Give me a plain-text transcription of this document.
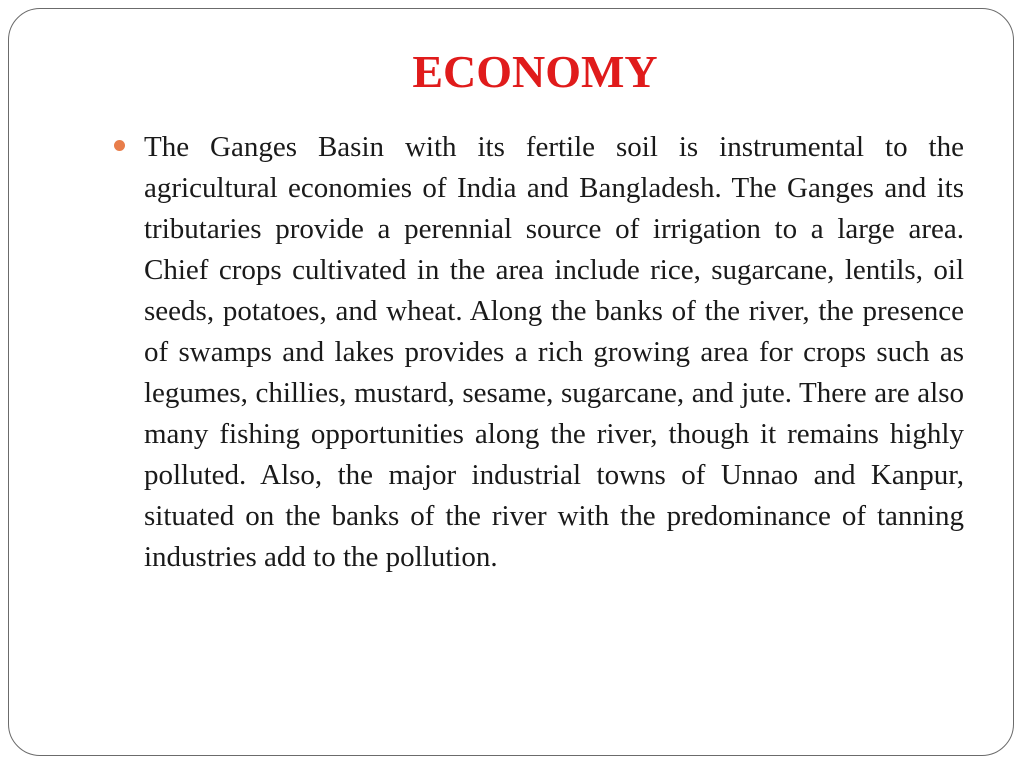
ECONOMY
The Ganges Basin with its fertile soil is instrumental to the agricultural economies of India and Bangladesh. The Ganges and its tributaries provide a perennial source of irrigation to a large area. Chief crops cultivated in the area include rice, sugarcane, lentils, oil seeds, potatoes, and wheat. Along the banks of the river, the presence of swamps and lakes provides a rich growing area for crops such as legumes, chillies, mustard, sesame, sugarcane, and jute. There are also many fishing opportunities along the river, though it remains highly polluted. Also, the major industrial towns of Unnao and Kanpur, situated on the banks of the river with the predominance of tanning industries add to the pollution.
